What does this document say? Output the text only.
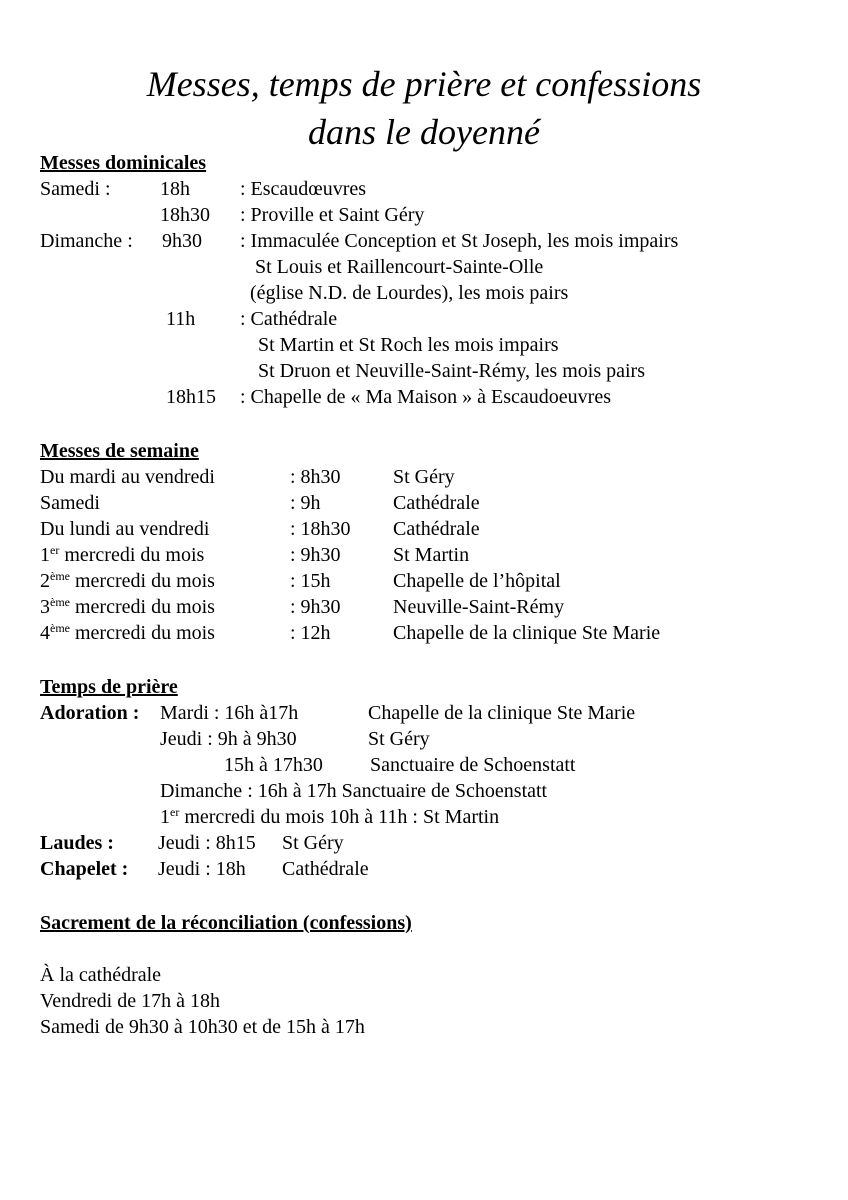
Messes, temps de prière et confessions
dans le doyenné
Messes dominicales
Samedi : 18h	: Escaudœuvres
18h30 : Proville et Saint Géry
Dimanche : 9h30 : Immaculée Conception et St Joseph, les mois impairs
St Louis et Raillencourt-Sainte-Olle
(église N.D. de Lourdes), les mois pairs
11h : Cathédrale
St Martin et St Roch les mois impairs
St Druon et Neuville-Saint-Rémy, les mois pairs
18h15 : Chapelle de « Ma Maison » à Escaudoeuvres
Messes de semaine
Du mardi au vendredi	: 8h30	St Géry
Samedi	: 9h	Cathédrale
Du lundi au vendredi	: 18h30 Cathédrale
1er mercredi du mois	: 9h30	St Martin
2ème mercredi du mois	: 15h	Chapelle de l’hôpital
3ème mercredi du mois	: 9h30	Neuville-Saint-Rémy
4ème mercredi du mois	: 12h	Chapelle de la clinique Ste Marie
Temps de prière
Adoration : Mardi : 16h à17h	Chapelle de la clinique Ste Marie
Jeudi : 9h à 9h30	St Géry
15h à 17h30 Sanctuaire de Schoenstatt
Dimanche : 16h à 17h Sanctuaire de Schoenstatt
1er mercredi du mois 10h à 11h : St Martin
Laudes : Jeudi : 8h15 St Géry
Chapelet : Jeudi : 18h Cathédrale
Sacrement de la réconciliation (confessions)
À la cathédrale
Vendredi de 17h à 18h
Samedi de 9h30 à 10h30 et de 15h à 17h
